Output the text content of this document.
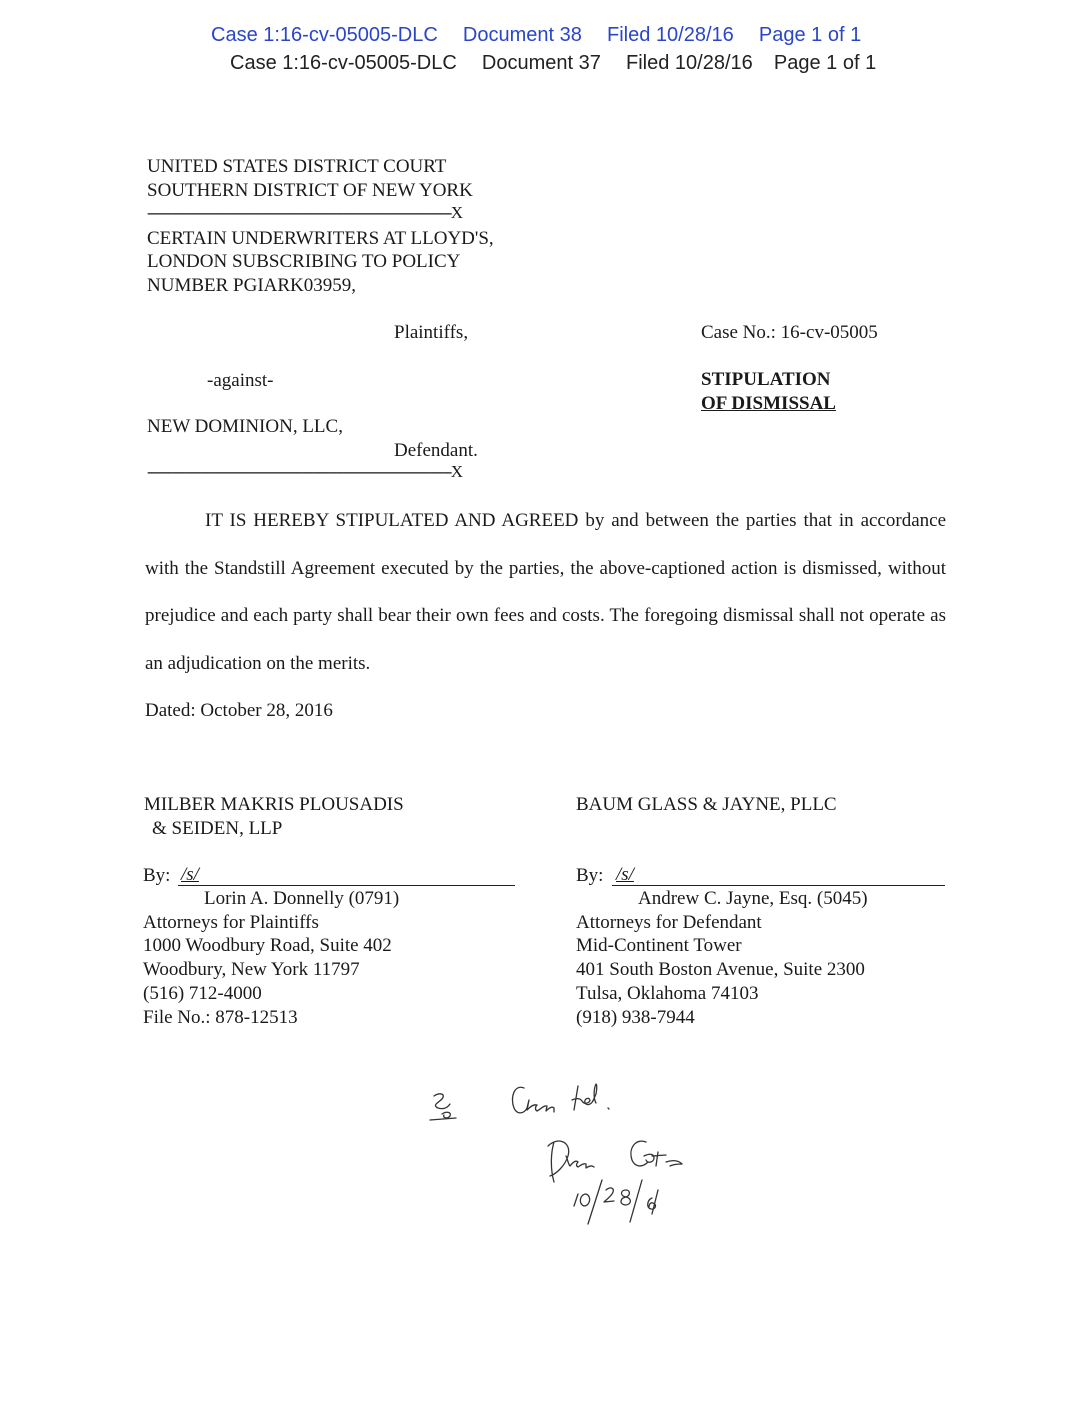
Case 1:16-cv-05005-DLC Document 38 Filed 10/28/16 Page 1 of 1
Case 1:16-cv-05005-DLC Document 37 Filed 10/28/16 Page 1 of 1
UNITED STATES DISTRICT COURT
SOUTHERN DISTRICT OF NEW YORK
-------------------------------------------------------------------------X
CERTAIN UNDERWRITERS AT LLOYD'S,
LONDON SUBSCRIBING TO POLICY
NUMBER PGIARK03959,
Plaintiffs,	Case No.: 16-cv-05005
-against-	STIPULATION
OF DISMISSAL
NEW DOMINION, LLC,
Defendant.
-------------------------------------------------------------------------X
IT IS HEREBY STIPULATED AND AGREED by and between the parties that in accordance with the Standstill Agreement executed by the parties, the above-captioned action is dismissed, without prejudice and each party shall bear their own fees and costs. The foregoing dismissal shall not operate as an adjudication on the merits.
Dated: October 28, 2016
MILBER MAKRIS PLOUSADIS
& SEIDEN, LLP
By: /s/
Lorin A. Donnelly (0791)
Attorneys for Plaintiffs
1000 Woodbury Road, Suite 402
Woodbury, New York 11797
(516) 712-4000
File No.: 878-12513
BAUM GLASS & JAYNE, PLLC
By: /s/
Andrew C. Jayne, Esq. (5045)
Attorneys for Defendant
Mid-Continent Tower
401 South Boston Avenue, Suite 2300
Tulsa, Oklahoma 74103
(918) 938-7944
